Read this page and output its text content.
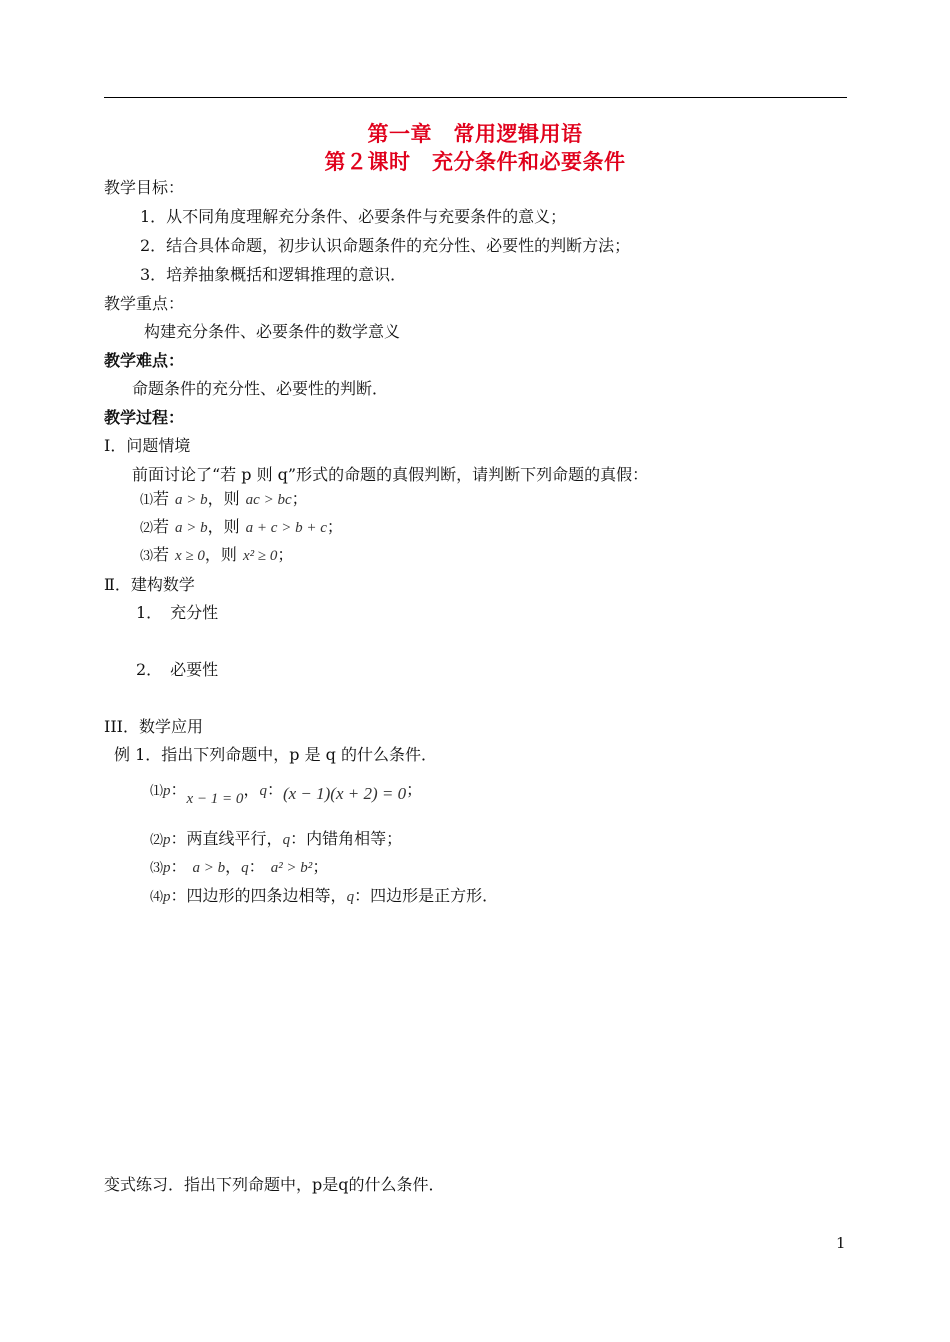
第一章　常用逻辑用语
第２课时　充分条件和必要条件
教学目标：
1．从不同角度理解充分条件、必要条件与充要条件的意义；
2．结合具体命题，初步认识命题条件的充分性、必要性的判断方法；
3．培养抽象概括和逻辑推理的意识．
教学重点：
构建充分条件、必要条件的数学意义
教学难点：
命题条件的充分性、必要性的判断．
教学过程：
Ⅰ．问题情境
前面讨论了“若 p 则 q”形式的命题的真假判断，请判断下列命题的真假：
⑴若 a > b，则 ac > bc；
⑵若 a > b，则 a + c > b + c；
⑶若 x ≥ 0，则 x² ≥ 0；
Ⅱ．建构数学
1．　充分性
2．　必要性
III．数学应用
例 1．指出下列命题中，p 是 q 的什么条件．
⑴p：x − 1 = 0，q：(x − 1)(x + 2) = 0；
⑵p：两直线平行，q：内错角相等；
⑶p： a > b，q： a² > b²；
⑷p：四边形的四条边相等，q：四边形是正方形．
变式练习．指出下列命题中，p是q的什么条件．
1
